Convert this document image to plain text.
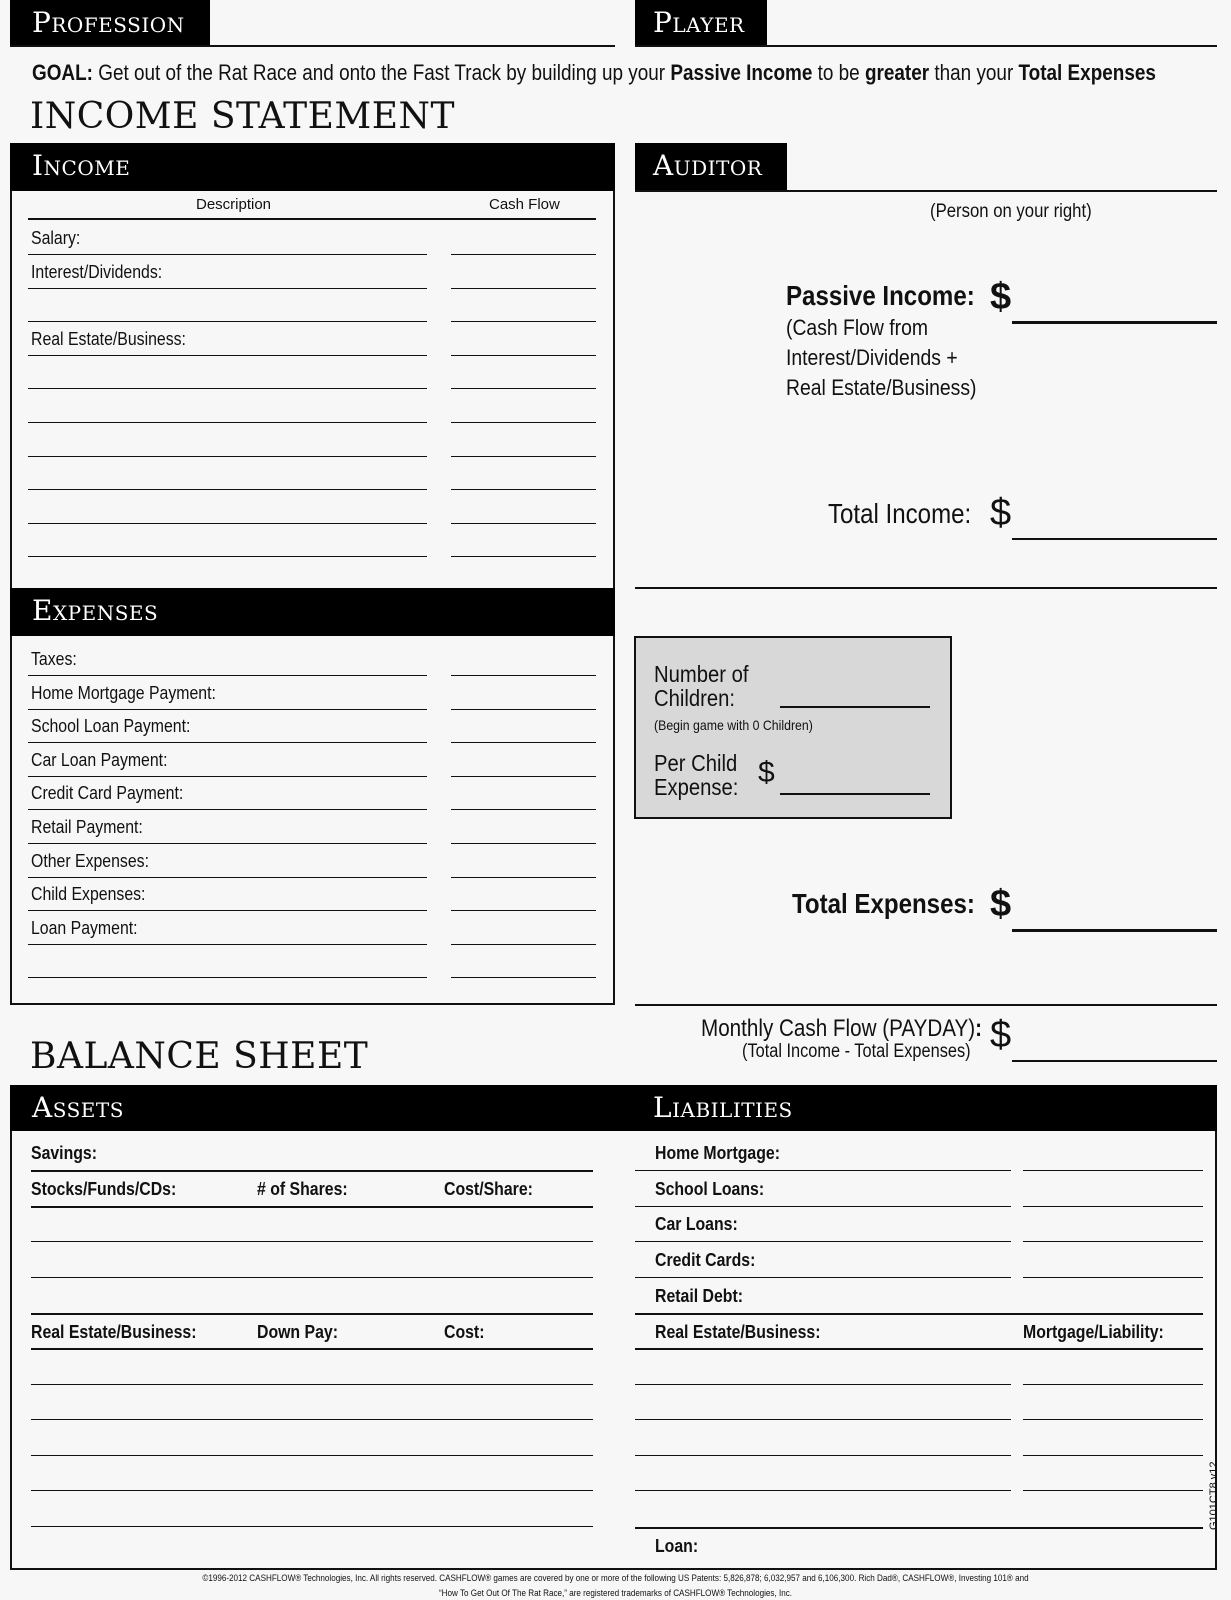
Profession	Player
GOAL: Get out of the Rat Race and onto the Fast Track by building up your Passive Income to be greater than your Total Expenses
INCOME STATEMENT
Income
Description	Cash Flow
Salary:
Interest/Dividends:
Real Estate/Business:
Expenses
Taxes:
Home Mortgage Payment:
School Loan Payment:
Car Loan Payment:
Credit Card Payment:
Retail Payment:
Other Expenses:
Child Expenses:
Loan Payment:
Auditor
(Person on your right)
Passive Income:
(Cash Flow from
Interest/Dividends +
Real Estate/Business)
$
Total Income: $
Number of
Children:
(Begin game with 0 Children)
Per Child
Expense: $
Total Expenses: $
Monthly Cash Flow (PAYDAY):
(Total Income - Total Expenses) $
BALANCE SHEET
Assets	Liabilities
Savings:
Stocks/Funds/CDs:	# of Shares:	Cost/Share:
Real Estate/Business:	Down Pay:	Cost:
Home Mortgage:
School Loans:
Car Loans:
Credit Cards:
Retail Debt:
Real Estate/Business:	Mortgage/Liability:
Loan:
G101CT8.v12
©1996-2012 CASHFLOW® Technologies, Inc. All rights reserved. CASHFLOW® games are covered by one or more of the following US Patents: 5,826,878; 6,032,957 and 6,106,300. Rich Dad®, CASHFLOW®, Investing 101® and
“How To Get Out Of The Rat Race,” are registered trademarks of CASHFLOW® Technologies, Inc.
